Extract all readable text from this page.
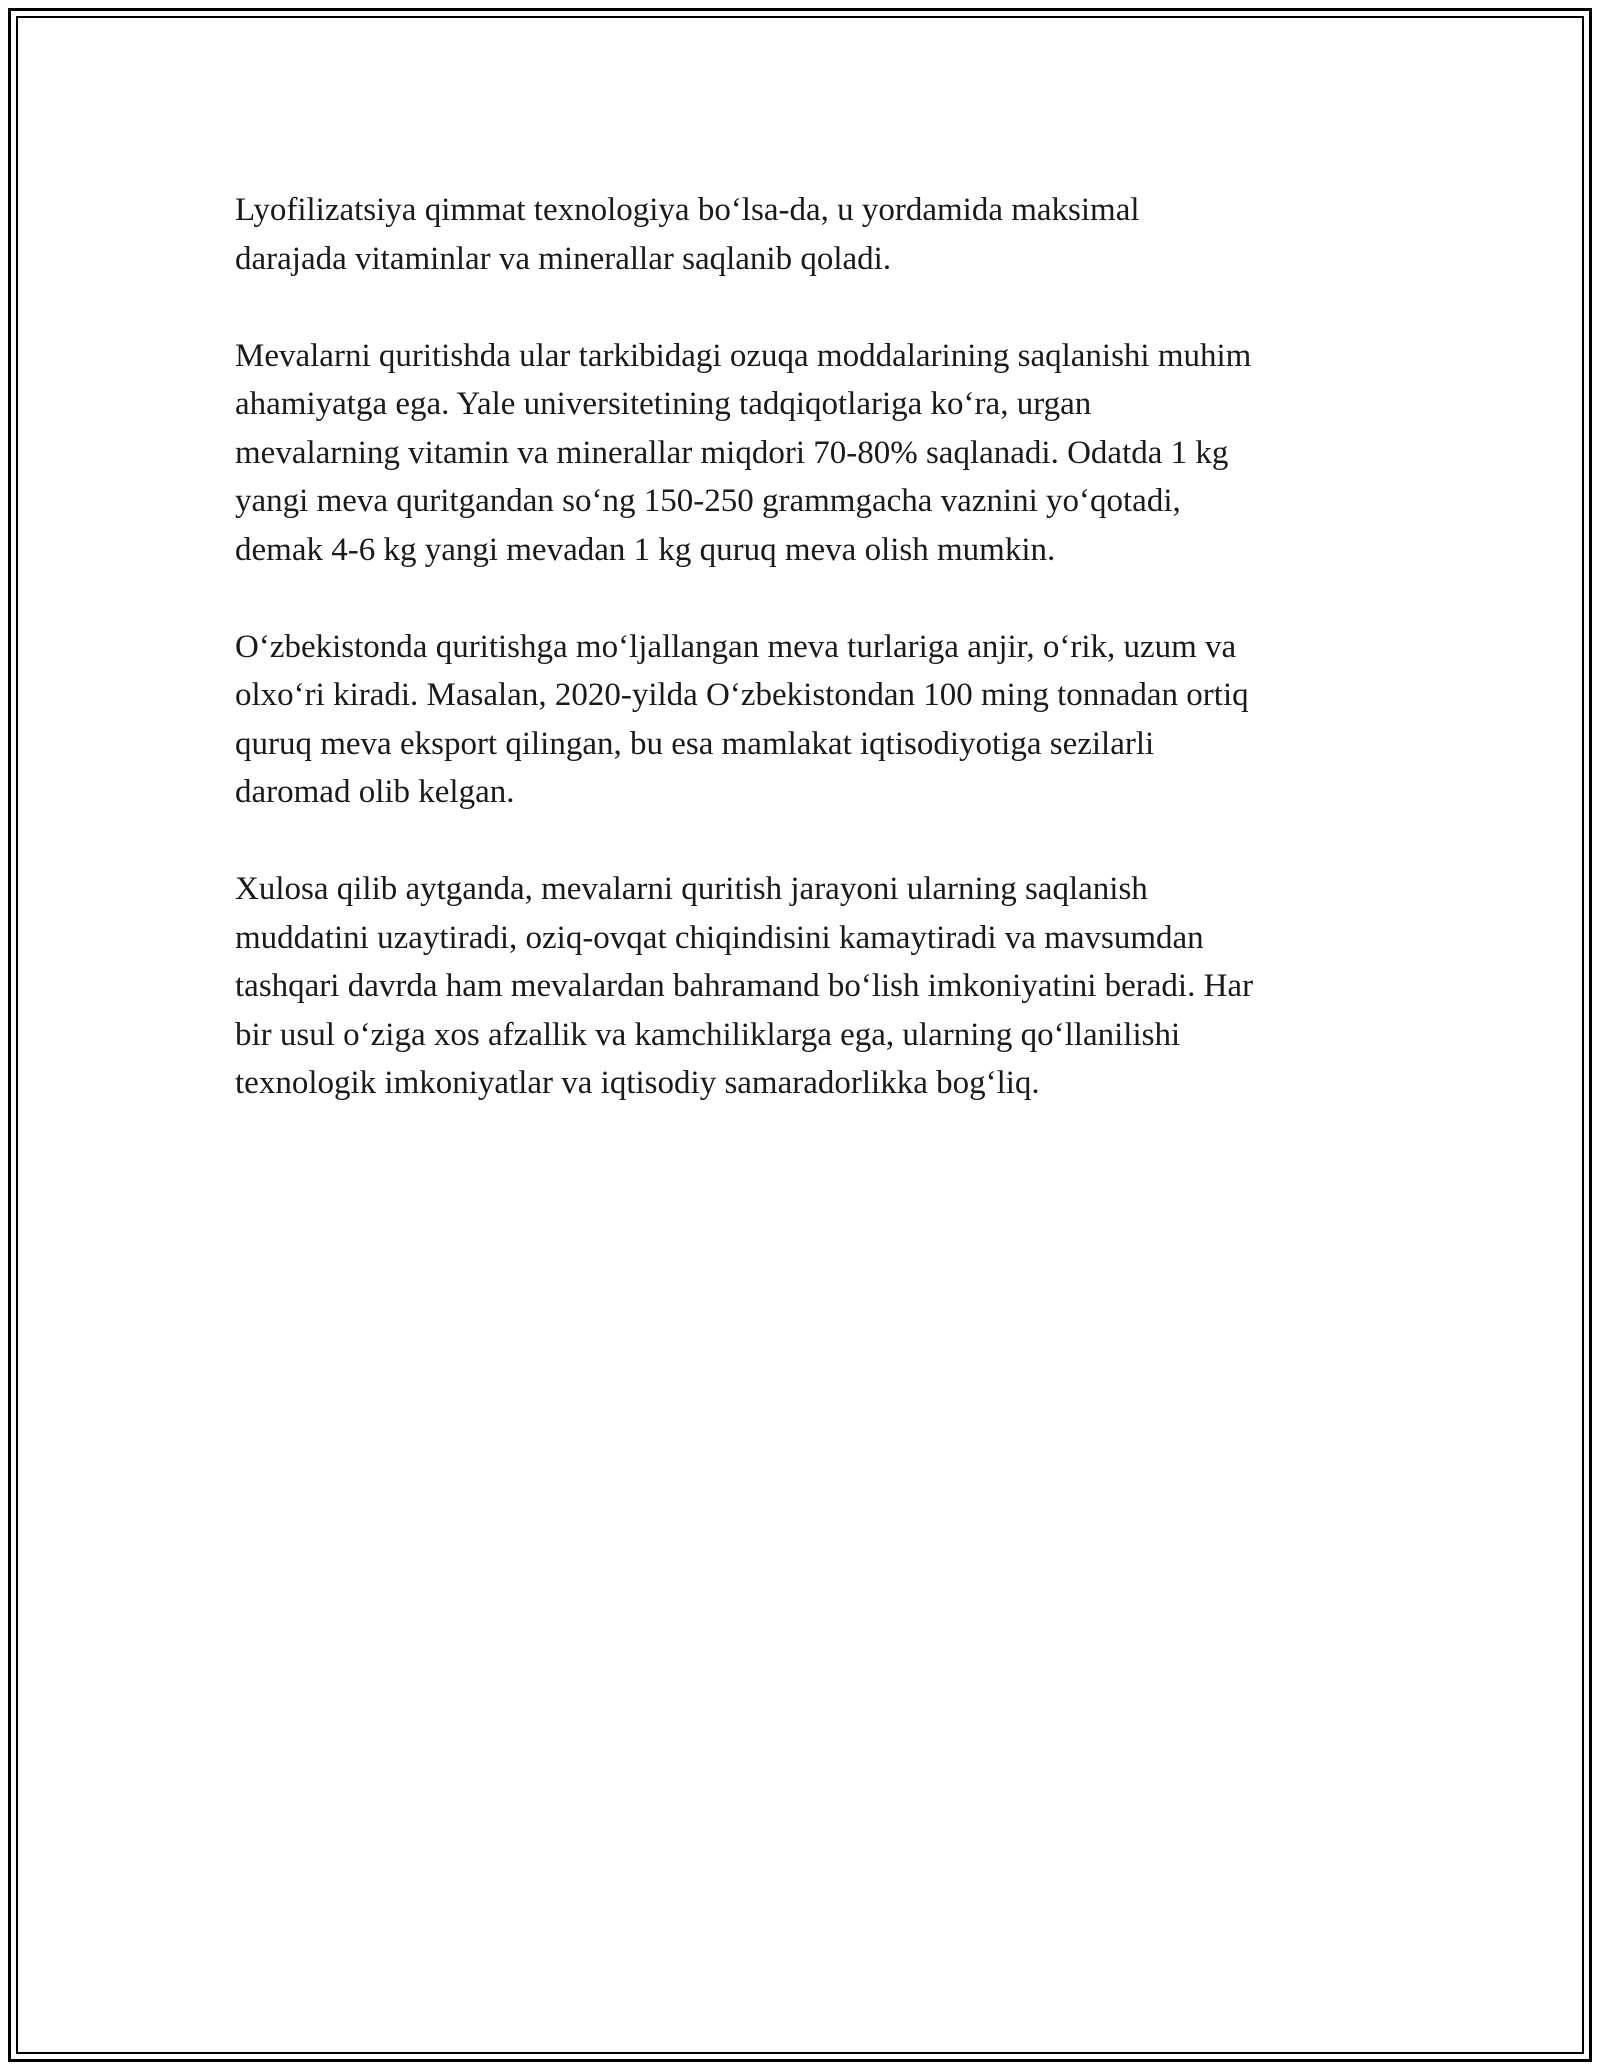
Lyofilizatsiya qimmat texnologiya boʻlsa-da, u yordamida maksimal
darajada vitaminlar va minerallar saqlanib qoladi.

Mevalarni quritishda ular tarkibidagi ozuqa moddalarining saqlanishi muhim
ahamiyatga ega. Yale universitetining tadqiqotlariga koʻra, urgan
mevalarning vitamin va minerallar miqdori 70-80% saqlanadi. Odatda 1 kg
yangi meva quritgandan soʻng 150-250 grammgacha vaznini yoʻqotadi,
demak 4-6 kg yangi mevadan 1 kg quruq meva olish mumkin.

Oʻzbekistonda quritishga moʻljallangan meva turlariga anjir, oʻrik, uzum va
olxoʻri kiradi. Masalan, 2020-yilda Oʻzbekistondan 100 ming tonnadan ortiq
quruq meva eksport qilingan, bu esa mamlakat iqtisodiyotiga sezilarli
daromad olib kelgan.

Xulosa qilib aytganda, mevalarni quritish jarayoni ularning saqlanish
muddatini uzaytiradi, oziq-ovqat chiqindisini kamaytiradi va mavsumdan
tashqari davrda ham mevalardan bahramand boʻlish imkoniyatini beradi. Har
bir usul oʻziga xos afzallik va kamchiliklarga ega, ularning qoʻllanilishi
texnologik imkoniyatlar va iqtisodiy samaradorlikka bogʻliq.
